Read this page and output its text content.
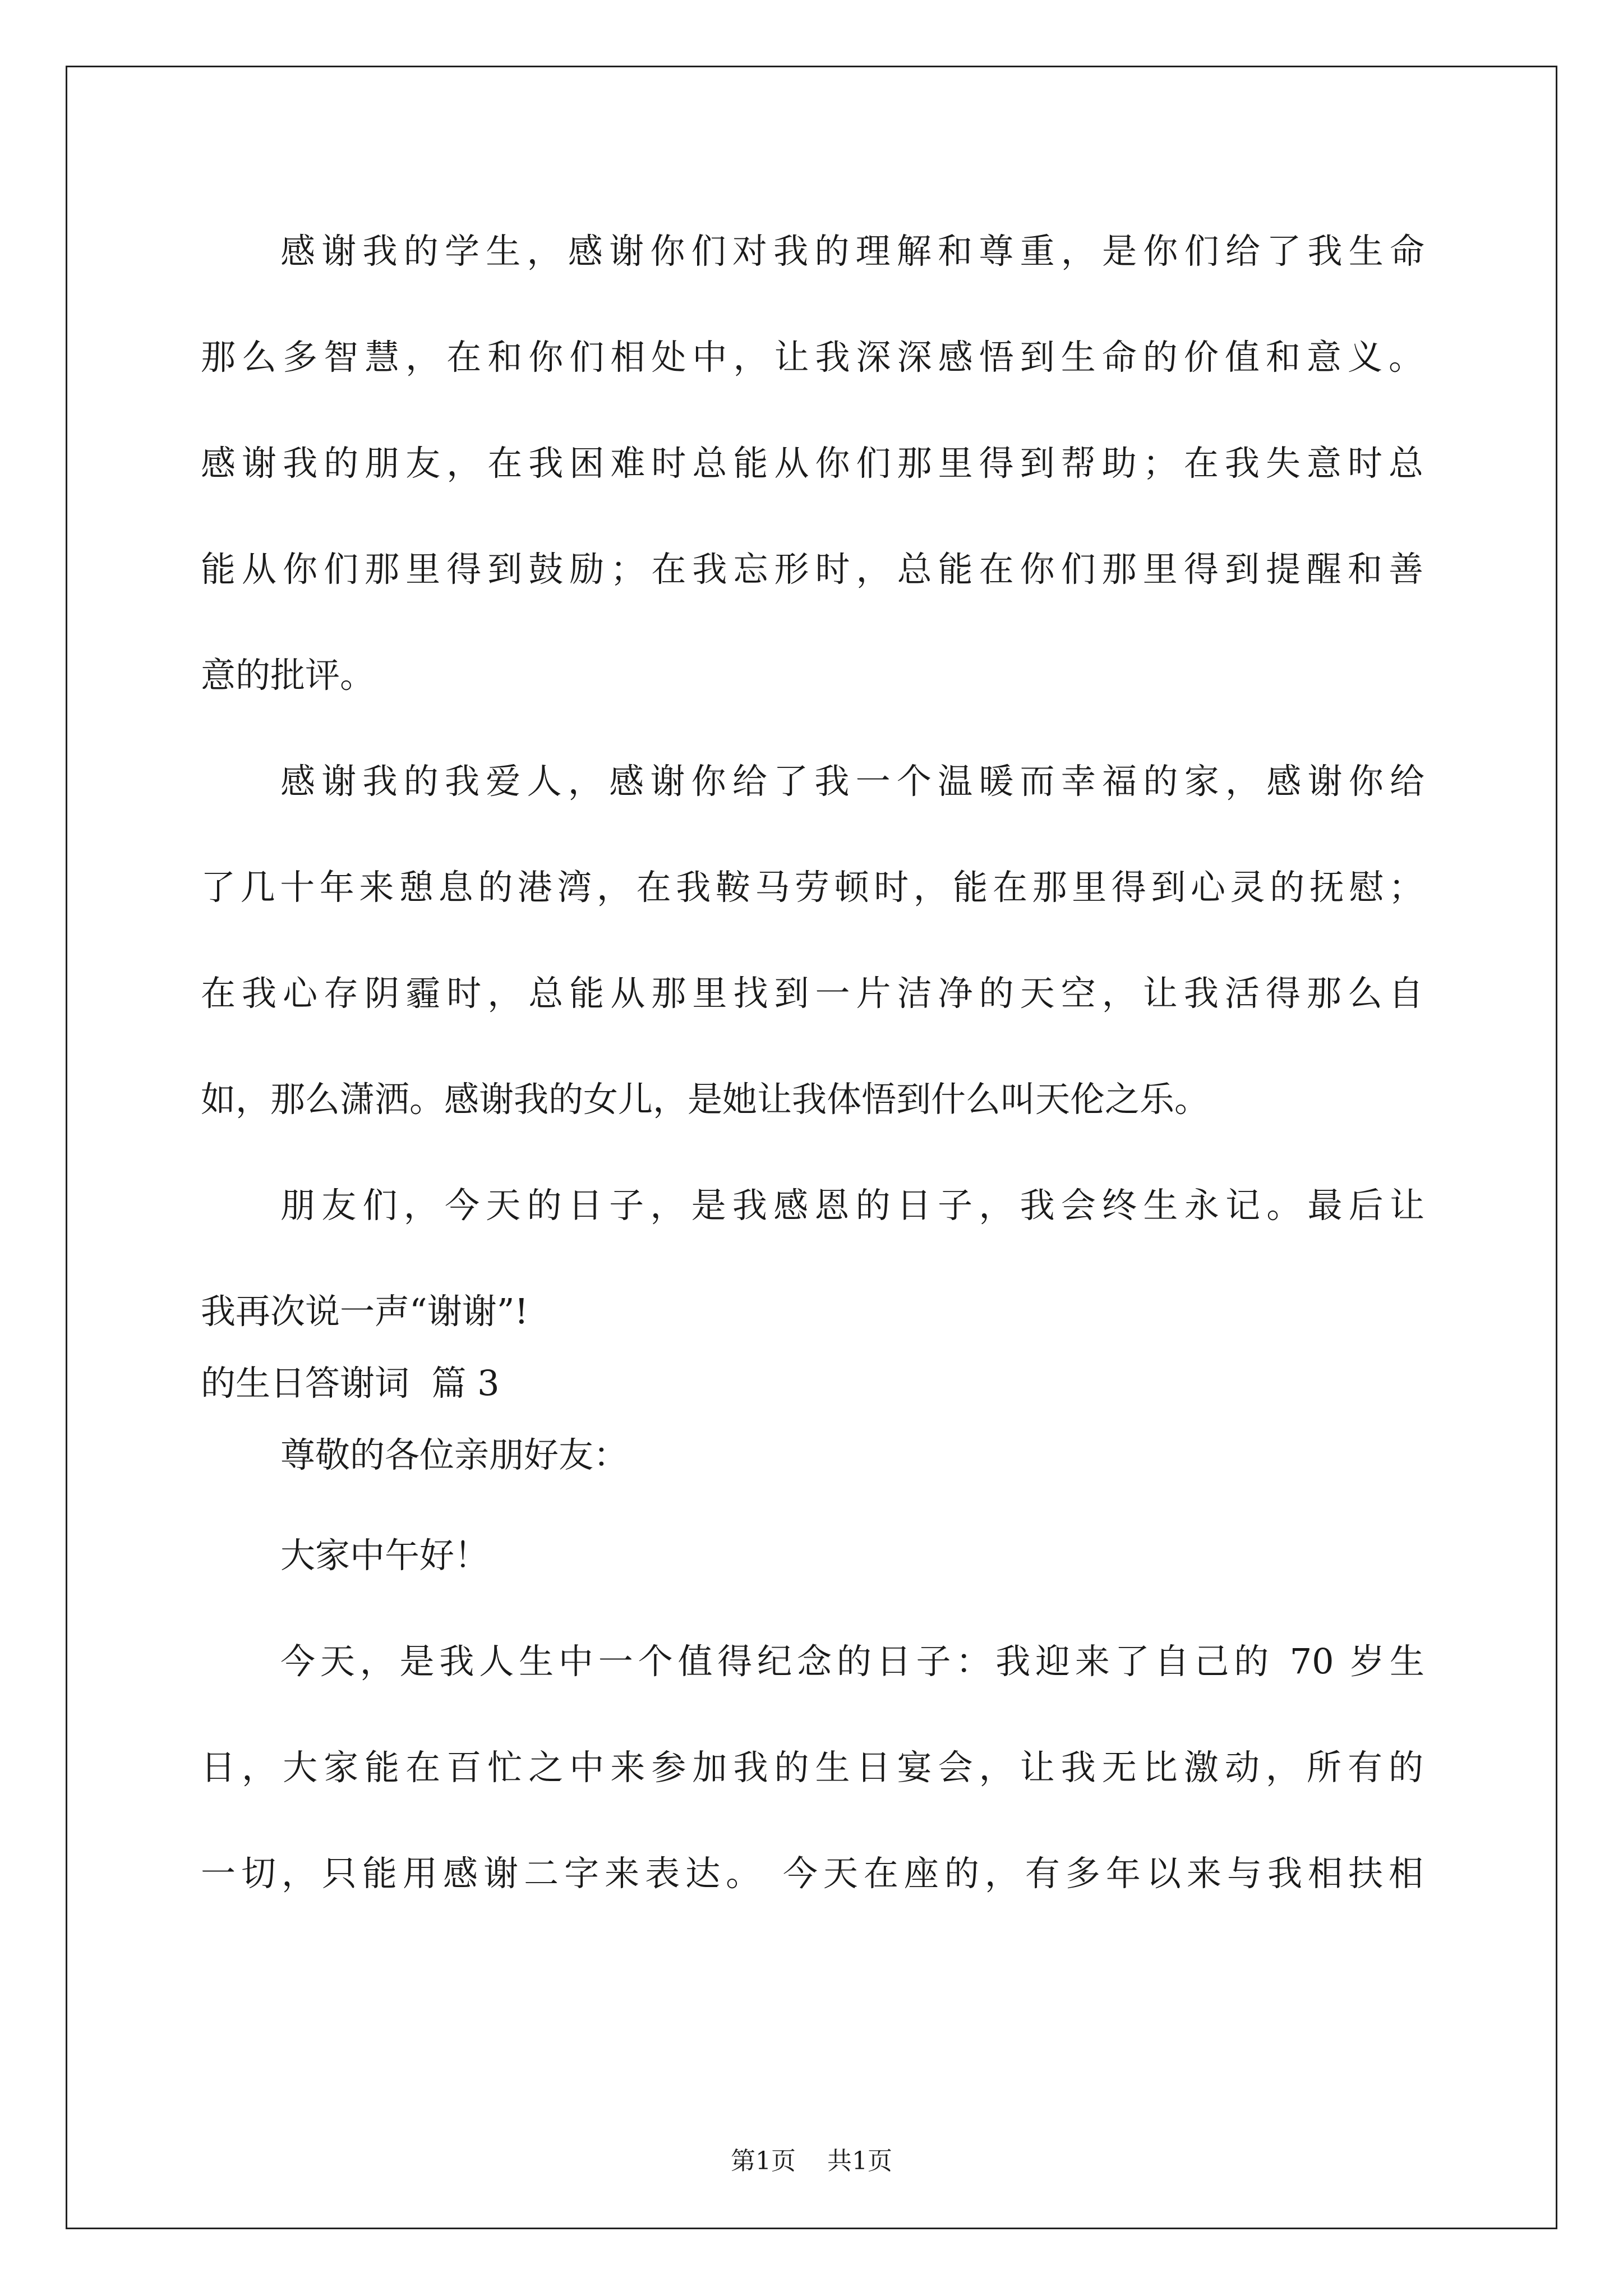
感谢我的学生，感谢你们对我的理解和尊重，是你们给了我生命
那么多智慧，在和你们相处中，让我深深感悟到生命的价值和意义。
感谢我的朋友，在我困难时总能从你们那里得到帮助；在我失意时总
能从你们那里得到鼓励；在我忘形时，总能在你们那里得到提醒和善
意的批评。
感谢我的我爱人，感谢你给了我一个温暖而幸福的家，感谢你给
了几十年来憩息的港湾，在我鞍马劳顿时，能在那里得到心灵的抚慰；
在我心存阴霾时，总能从那里找到一片洁净的天空，让我活得那么自
如，那么潇洒。感谢我的女儿，是她让我体悟到什么叫天伦之乐。
朋友们，今天的日子，是我感恩的日子，我会终生永记。最后让
我再次说一声“谢谢”!
的生日答谢词  篇 3
尊敬的各位亲朋好友：
大家中午好！
今天，是我人生中一个值得纪念的日子：我迎来了自己的 70 岁生
日，大家能在百忙之中来参加我的生日宴会，让我无比激动，所有的
一切，只能用感谢二字来表达。 今天在座的，有多年以来与我相扶相
第1页    共1页
